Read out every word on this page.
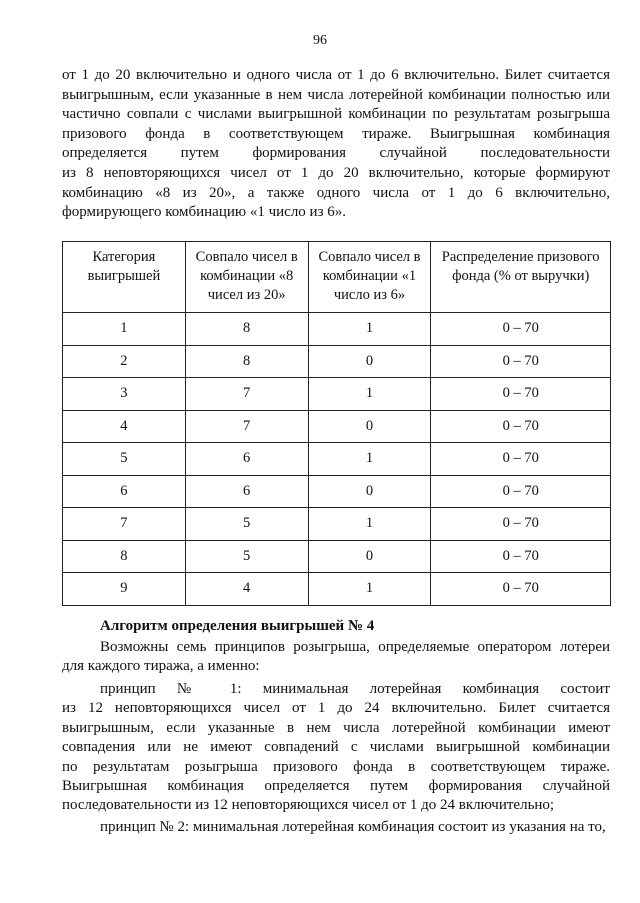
96
от 1 до 20 включительно и одного числа от 1 до 6 включительно. Билет считается
выигрышным, если указанные в нем числа лотерейной комбинации полностью или
частично совпали с числами выигрышной комбинации по результатам розыгрыша
призового фонда в соответствующем тираже. Выигрышная комбинация
определяется путем формирования случайной последовательности
из 8 неповторяющихся чисел от 1 до 20 включительно, которые формируют
комбинацию «8 из 20», а также одного числа от 1 до 6 включительно,
формирующего комбинацию «1 число из 6».
Категория выигрышей	Совпало чисел в комбинации «8 чисел из 20»	Совпало чисел в комбинации «1 число из 6»	Распределение призового фонда (% от выручки)
1	8	1	0 – 70
2	8	0	0 – 70
3	7	1	0 – 70
4	7	0	0 – 70
5	6	1	0 – 70
6	6	0	0 – 70
7	5	1	0 – 70
8	5	0	0 – 70
9	4	1	0 – 70
Алгоритм определения выигрышей № 4
Возможны семь принципов розыгрыша, определяемые оператором лотереи
для каждого тиража, а именно:
принцип № 1: минимальная лотерейная комбинация состоит
из 12 неповторяющихся чисел от 1 до 24 включительно. Билет считается
выигрышным, если указанные в нем числа лотерейной комбинации имеют
совпадения или не имеют совпадений с числами выигрышной комбинации
по результатам розыгрыша призового фонда в соответствующем тираже.
Выигрышная комбинация определяется путем формирования случайной
последовательности из 12 неповторяющихся чисел от 1 до 24 включительно;
принцип № 2: минимальная лотерейная комбинация состоит из указания на то,
